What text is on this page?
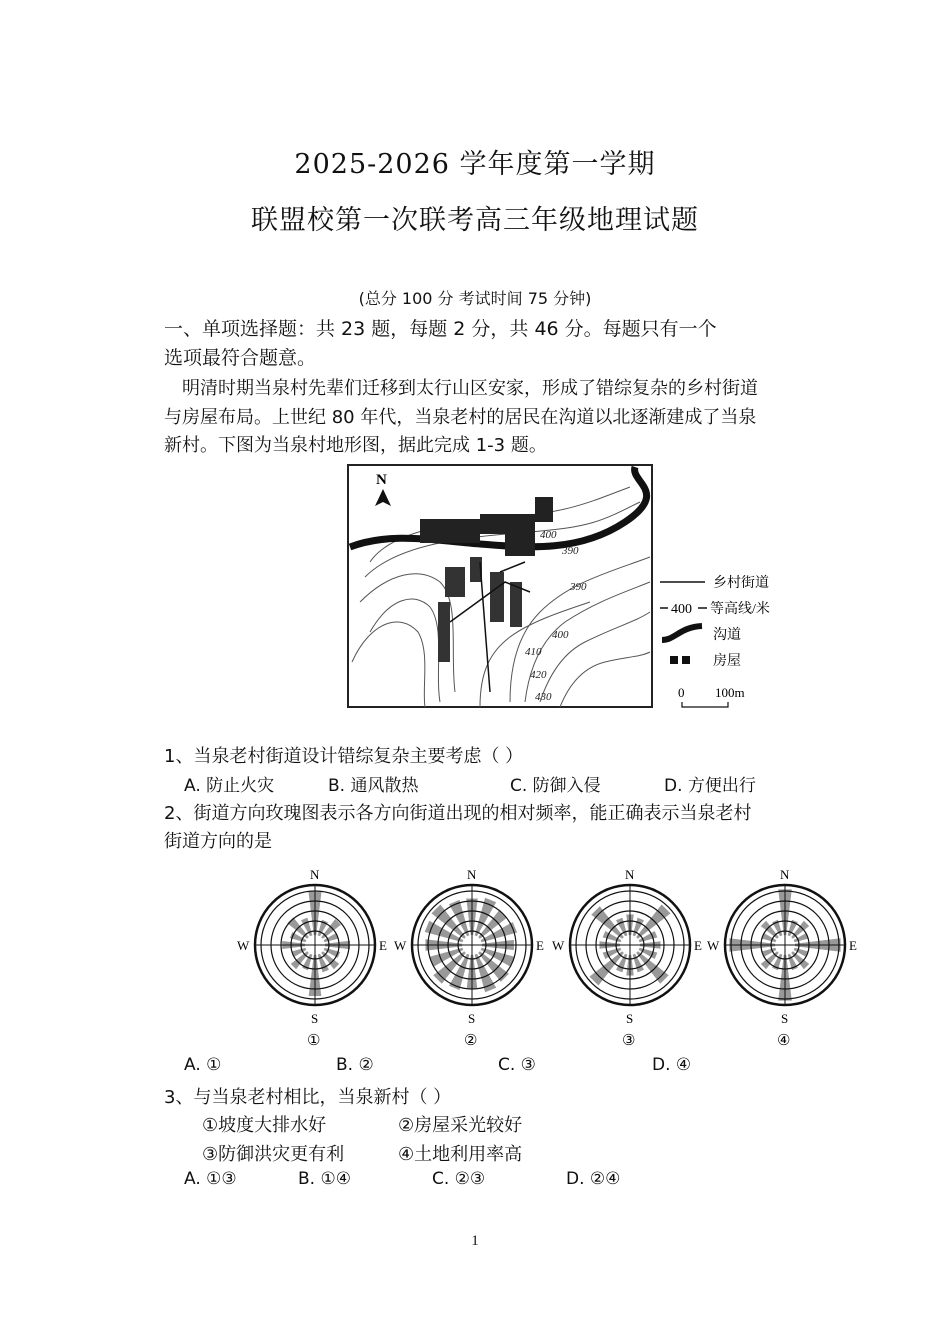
2025-2026 学年度第一学期
联盟校第一次联考高三年级地理试题
(总分 100 分 考试时间 75 分钟)
一、单项选择题：共 23 题，每题 2 分，共 46 分。每题只有一个
选项最符合题意。
明清时期当泉村先辈们迁移到太行山区安家，形成了错综复杂的乡村街道
与房屋布局。上世纪 80 年代，当泉老村的居民在沟道以北逐渐建成了当泉
新村。下图为当泉村地形图，据此完成 1-3 题。
N
400
390
390
400
410
420
430
乡村街道
400 等高线/米
沟道
房屋
0 100m
1、当泉老村街道设计错综复杂主要考虑（ ）
A. 防止火灾	B. 通风散热	C. 防御入侵	D. 方便出行
2、街道方向玫瑰图表示各方向街道出现的相对频率，能正确表示当泉老村
街道方向的是
N
S
W	E
①
N
S
W	E
②
N
S
W	E
③
N
S
W	E
④
A. ①	B. ②	C. ③	D. ④
3、与当泉老村相比，当泉新村（ ）
①坡度大排水好	②房屋采光较好
③防御洪灾更有利	④土地利用率高
A. ①③	B. ①④	C. ②③	D. ②④
1
